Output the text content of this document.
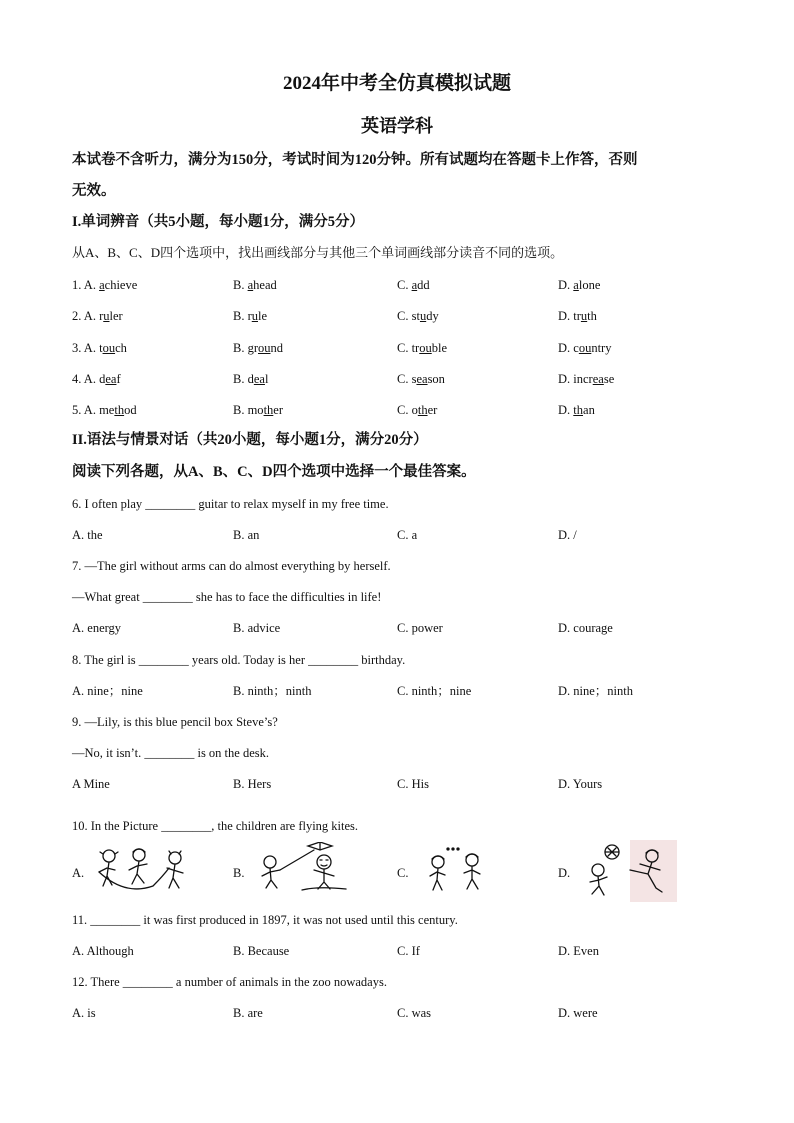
2024年中考全仿真模拟试题
英语学科
本试卷不含听力，满分为150分，考试时间为120分钟。所有试题均在答题卡上作答，否则
无效。
I.单词辨音（共5小题，每小题1分，满分5分）
从A、B、C、D四个选项中，找出画线部分与其他三个单词画线部分读音不同的选项。
1. A. achieve	B. ahead	C. add	D. alone
2. A. ruler	B. rule	C. study	D. truth
3. A. touch	B. ground	C. trouble	D. country
4. A. deaf	B. deal	C. season	D. increase
5. A. method	B. mother	C. other	D. than
II.语法与情景对话（共20小题，每小题1分，满分20分）
阅读下列各题，从A、B、C、D四个选项中选择一个最佳答案。
6. I often play ________ guitar to relax myself in my free time.
A. the	B. an	C. a	D. /
7. —The girl without arms can do almost everything by herself.
—What great ________ she has to face the difficulties in life!
A. energy	B. advice	C. power	D. courage
8. The girl is ________ years old. Today is her ________ birthday.
A. nine；nine	B. ninth；ninth	C. ninth；nine	D. nine；ninth
9. —Lily, is this blue pencil box Steve’s?
—No, it isn’t. ________ is on the desk.
A Mine	B. Hers	C. His	D. Yours
10. In the Picture ________, the children are flying kites.
A.	B.	C.	D.
11. ________ it was first produced in 1897, it was not used until this century.
A. Although	B. Because	C. If	D. Even
12. There ________ a number of animals in the zoo nowadays.
A. is	B. are	C. was	D. were
